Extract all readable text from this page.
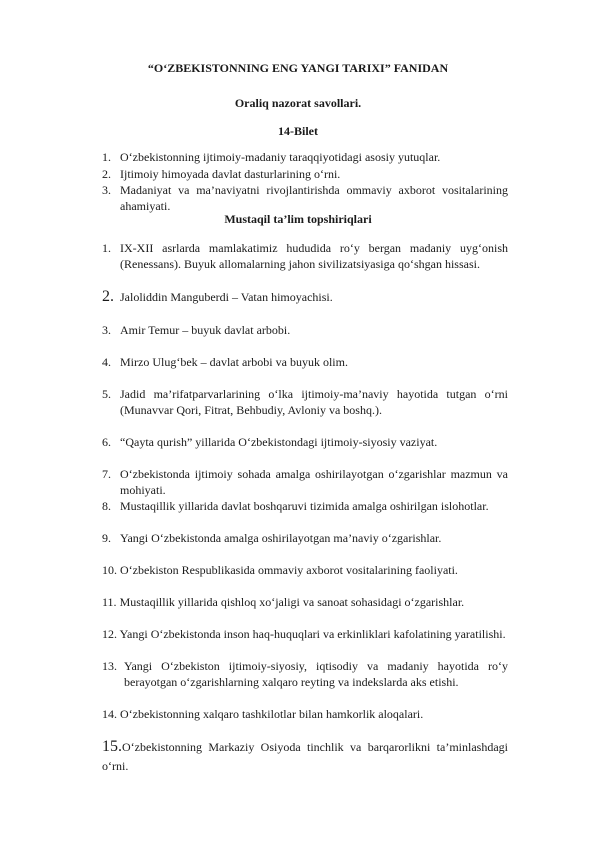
“O‘ZBEKISTONNING ENG YANGI TARIXI” FANIDAN
Oraliq nazorat savollari.
14-Bilet
1. O‘zbekistonning ijtimoiy-madaniy taraqqiyotidagi asosiy yutuqlar.
2. Ijtimoiy himoyada davlat dasturlarining o‘rni.
3. Madaniyat va ma’naviyatni rivojlantirishda ommaviy axborot vositalarining ahamiyati.
Mustaqil ta’lim topshiriqlari
1. IX-XII asrlarda mamlakatimiz hududida ro‘y bergan madaniy uyg‘onish (Renessans). Buyuk allomalarning jahon sivilizatsiyasiga qo‘shgan hissasi.
2. Jaloliddin Manguberdi – Vatan himoyachisi.
3. Amir Temur – buyuk davlat arbobi.
4. Mirzo Ulug‘bek – davlat arbobi va buyuk olim.
5. Jadid ma’rifatparvarlarining o‘lka ijtimoiy-ma’naviy hayotida tutgan o‘rni (Munavvar Qori, Fitrat, Behbudiy, Avloniy va boshq.).
6. “Qayta qurish” yillarida O‘zbekistondagi ijtimoiy-siyosiy vaziyat.
7. O‘zbekistonda ijtimoiy sohada amalga oshirilayotgan o‘zgarishlar mazmun va mohiyati.
8. Mustaqillik yillarida davlat boshqaruvi tizimida amalga oshirilgan islohotlar.
9. Yangi O‘zbekistonda amalga oshirilayotgan ma’naviy o‘zgarishlar.
10. O‘zbekiston Respublikasida ommaviy axborot vositalarining faoliyati.
11. Mustaqillik yillarida qishloq xo‘jaligi va sanoat sohasidagi o‘zgarishlar.
12. Yangi O‘zbekistonda inson haq-huquqlari va erkinliklari kafolatining yaratilishi.
13. Yangi O‘zbekiston ijtimoiy-siyosiy, iqtisodiy va madaniy hayotida ro‘y berayotgan o‘zgarishlarning xalqaro reyting va indekslarda aks etishi.
14. O‘zbekistonning xalqaro tashkilotlar bilan hamkorlik aloqalari.
15.O‘zbekistonning Markaziy Osiyoda tinchlik va barqarorlikni ta’minlashdagi o‘rni.
